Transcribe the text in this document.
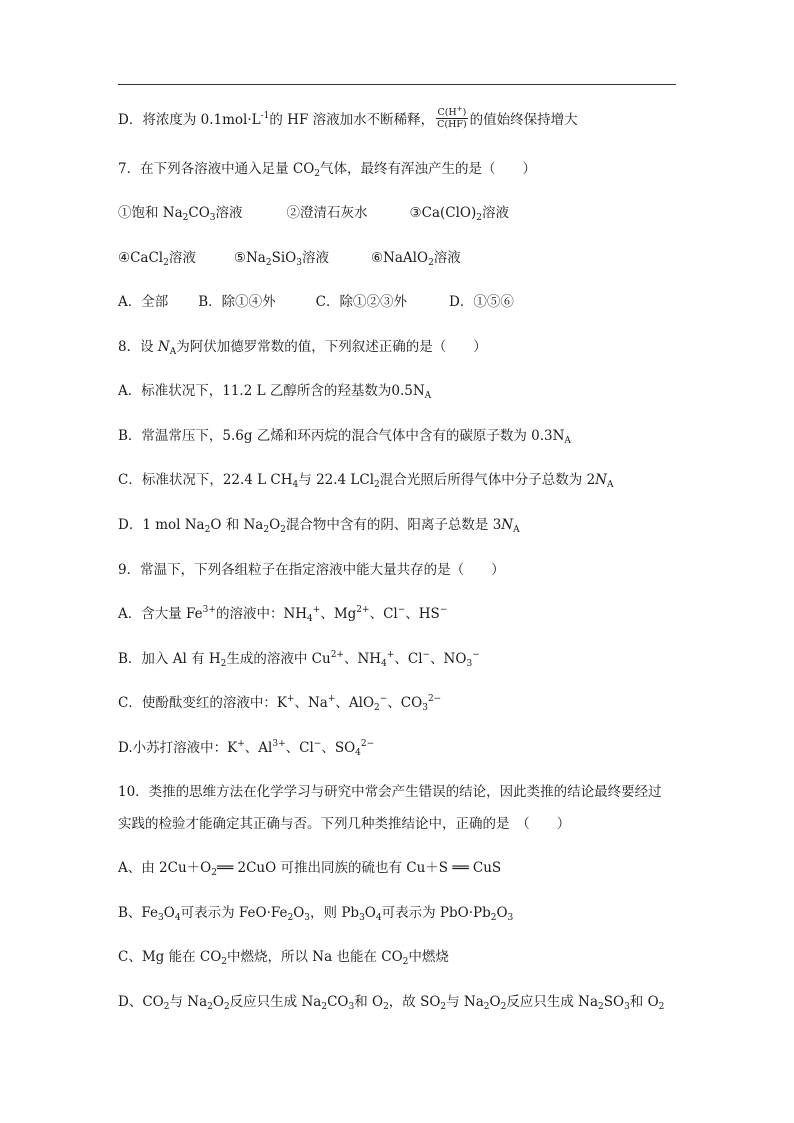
D．将浓度为 $0.1mol\cdot L^{-1}$的 HF 溶液加水不断稀释， $\frac{C(H^+)}{C(HF)}$ 的值始终保持增大
7．在下列各溶液中通入足量 $CO_2$气体，最终有浑浊产生的是（　　）
①饱和 $Na_2CO_3$溶液	②澄清石灰水	$③Ca(ClO)_2$溶液
④CaCl$_2$溶液	$⑤Na_2SiO_3$溶液	⑥NaAlO$_2$溶液
A．全部 B．除①④外	C．除①②③外	D．①⑤⑥
8．设 $N_A$为阿伏加德罗常数的值，下列叙述正确的是（　　）
A．标准状况下，11.2 L 乙醇所含的羟基数为$0.5N_A$
B．常温常压下，5.6g 乙烯和环丙烷的混合气体中含有的碳原子数为 $0.3N_A$
C．标准状况下，22.4 L $CH_4$与 22.4 LCl$_2$混合光照后所得气体中分子总数为 $2N_A$
D．1 mol $Na_2O$ 和 $Na_2O_2$混合物中含有的阴、阳离子总数是 $3N_A$
9．常温下，下列各组粒子在指定溶液中能大量共存的是（　　）
A．含大量 $Fe^{3+}$的溶液中：$NH_4^+$、$Mg^{2+}$、Cl−、HS−
B．加入 Al 有 $H_2$生成的溶液中 $Cu^{2+}$、$NH_4^+$、Cl−、$NO_3^-$
C．使酚酞变红的溶液中：K+、Na+、AlO$_2$−、$CO_3^{2-}$
D.小苏打溶液中：K+、$Al^{3+}$、Cl−、$SO_4^{2-}$
10．类推的思维方法在化学学习与研究中常会产生错误的结论，因此类推的结论最终要经过
实践的检验才能确定其正确与否。下列几种类推结论中，正确的是　（　　）
A、由 $2Cu+O_2══$ 2CuO 可推出同族的硫也有 Cu＋S ══ CuS
B、$Fe_3O_4$可表示为 $FeO\cdot Fe_2O_3$，则 $Pb_3O_4$可表示为 $PbO\cdot Pb_2O_3$
C、Mg 能在 $CO_2$中燃烧，所以 Na 也能在 $CO_2$中燃烧
D、$CO_2$与 $Na_2O_2$反应只生成 $Na_2CO_3$和 $O_2$，故 $SO_2$与 $Na_2O_2$反应只生成 $Na_2SO_3$和 $O_2$
